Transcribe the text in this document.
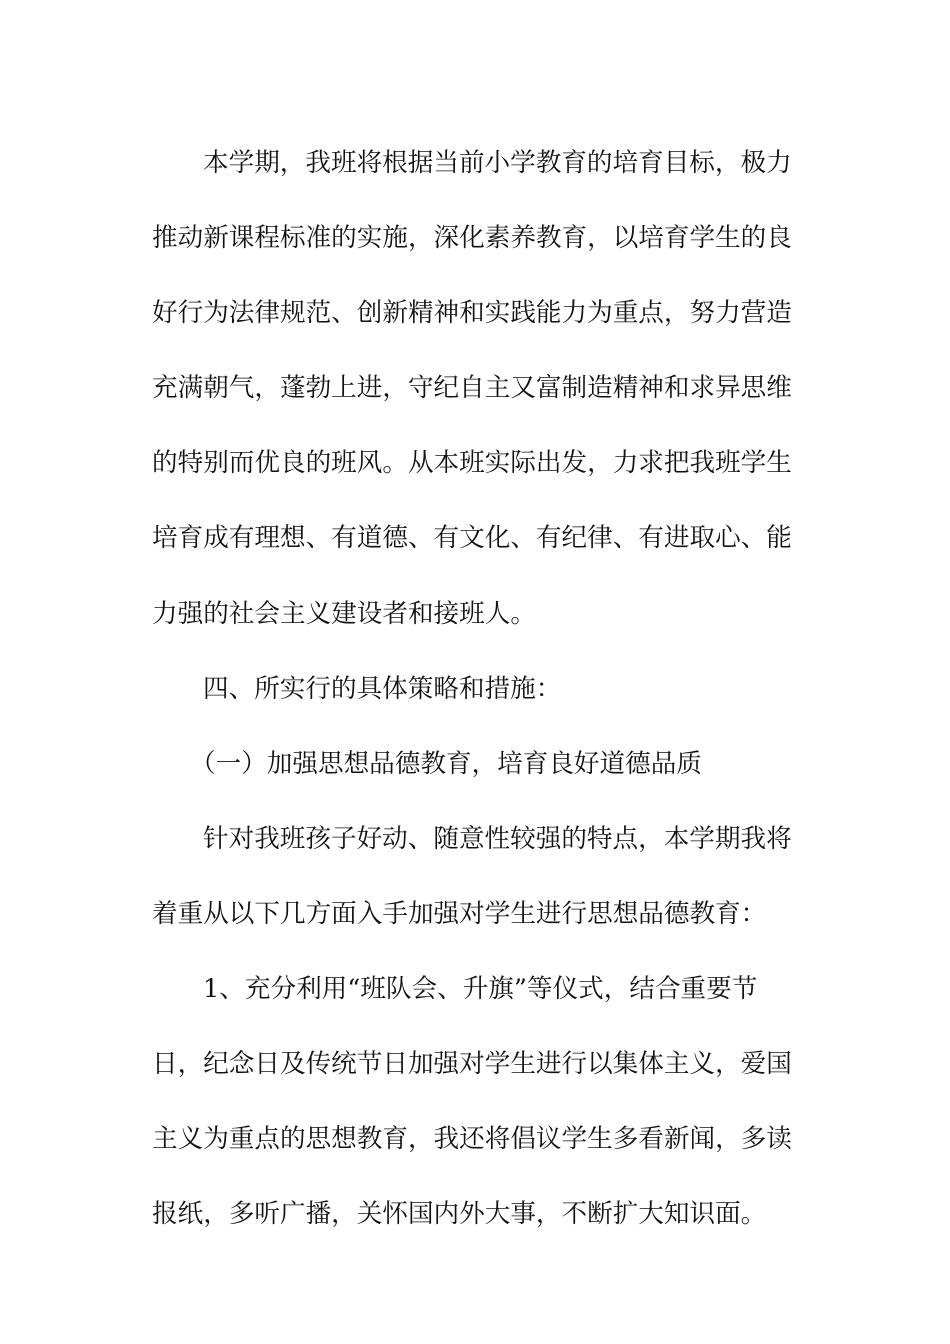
本学期，我班将根据当前小学教育的培育目标，极力
推动新课程标准的实施，深化素养教育，以培育学生的良
好行为法律规范、创新精神和实践能力为重点，努力营造
充满朝气，蓬勃上进，守纪自主又富制造精神和求异思维
的特别而优良的班风。从本班实际出发，力求把我班学生
培育成有理想、有道德、有文化、有纪律、有进取心、能
力强的社会主义建设者和接班人。
四、所实行的具体策略和措施：
（一）加强思想品德教育，培育良好道德品质
针对我班孩子好动、随意性较强的特点，本学期我将
着重从以下几方面入手加强对学生进行思想品德教育：
1、充分利用“班队会、升旗”等仪式，结合重要节
日，纪念日及传统节日加强对学生进行以集体主义，爱国
主义为重点的思想教育，我还将倡议学生多看新闻，多读
报纸，多听广播，关怀国内外大事，不断扩大知识面。
